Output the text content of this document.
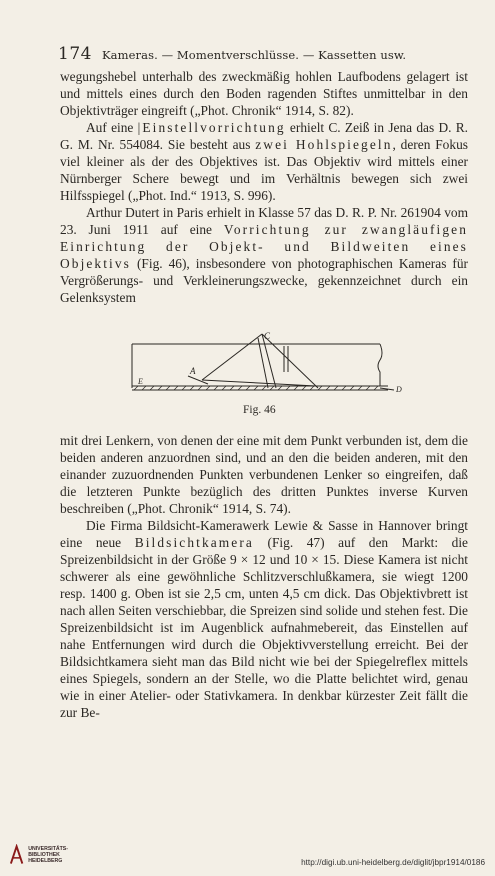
174 Kameras. — Momentverschlüsse. — Kassetten usw.

wegungshebel unterhalb des zweckmäßig hohlen Laufbodens gelagert ist und mittels eines durch den Boden ragenden Stiftes unmittelbar in den Objektivträger eingreift („Phot. Chronik“ 1914, S. 82).

Auf eine |Einstellvorrichtung erhielt C. Zeiß in Jena das D. R. G. M. Nr. 554084. Sie besteht aus zwei Hohlspiegeln, deren Fokus viel kleiner als der des Objektives ist. Das Objektiv wird mittels einer Nürnberger Schere bewegt und im Verhältnis bewegen sich zwei Hilfsspiegel („Phot. Ind.“ 1913, S. 996).

Arthur Dutert in Paris erhielt in Klasse 57 das D. R. P. Nr. 261904 vom 23. Juni 1911 auf eine Vorrichtung zur zwangläufigen Einrichtung der Objekt- und Bildweiten eines Objektivs (Fig. 46), insbesondere von photographischen Kameras für Vergrößerungs- und Verkleinerungszwecke, gekennzeichnet durch ein Gelenksystem

C
A
E
D
Fig. 46

mit drei Lenkern, von denen der eine mit dem Punkt verbunden ist, dem die beiden anderen anzuordnen sind, und an den die beiden anderen, mit den einander zuzuordnenden Punkten verbundenen Lenker so eingreifen, daß die letzteren Punkte bezüglich des dritten Punktes inverse Kurven beschreiben („Phot. Chronik“ 1914, S. 74).

Die Firma Bildsicht-Kamerawerk Lewie & Sasse in Hannover bringt eine neue Bildsichtkamera (Fig. 47) auf den Markt: die Spreizenbildsicht in der Größe 9 × 12 und 10 × 15. Diese Kamera ist nicht schwerer als eine gewöhnliche Schlitzverschlußkamera, sie wiegt 1200 resp. 1400 g. Oben ist sie 2,5 cm, unten 4,5 cm dick. Das Objektivbrett ist nach allen Seiten verschiebbar, die Spreizen sind solide und stehen fest. Die Spreizenbildsicht ist im Augenblick aufnahmebereit, das Einstellen auf nahe Entfernungen wird durch die Objektivverstellung erreicht. Bei der Bildsichtkamera sieht man das Bild nicht wie bei der Spiegelreflex mittels eines Spiegels, sondern an der Stelle, wo die Platte belichtet wird, genau wie in einer Atelier- oder Stativkamera. In denkbar kürzester Zeit fällt die zur Be-

UNIVERSITÄTS-
BIBLIOTHEK
HEIDELBERG	http://digi.ub.uni-heidelberg.de/diglit/jbpr1914/0186
